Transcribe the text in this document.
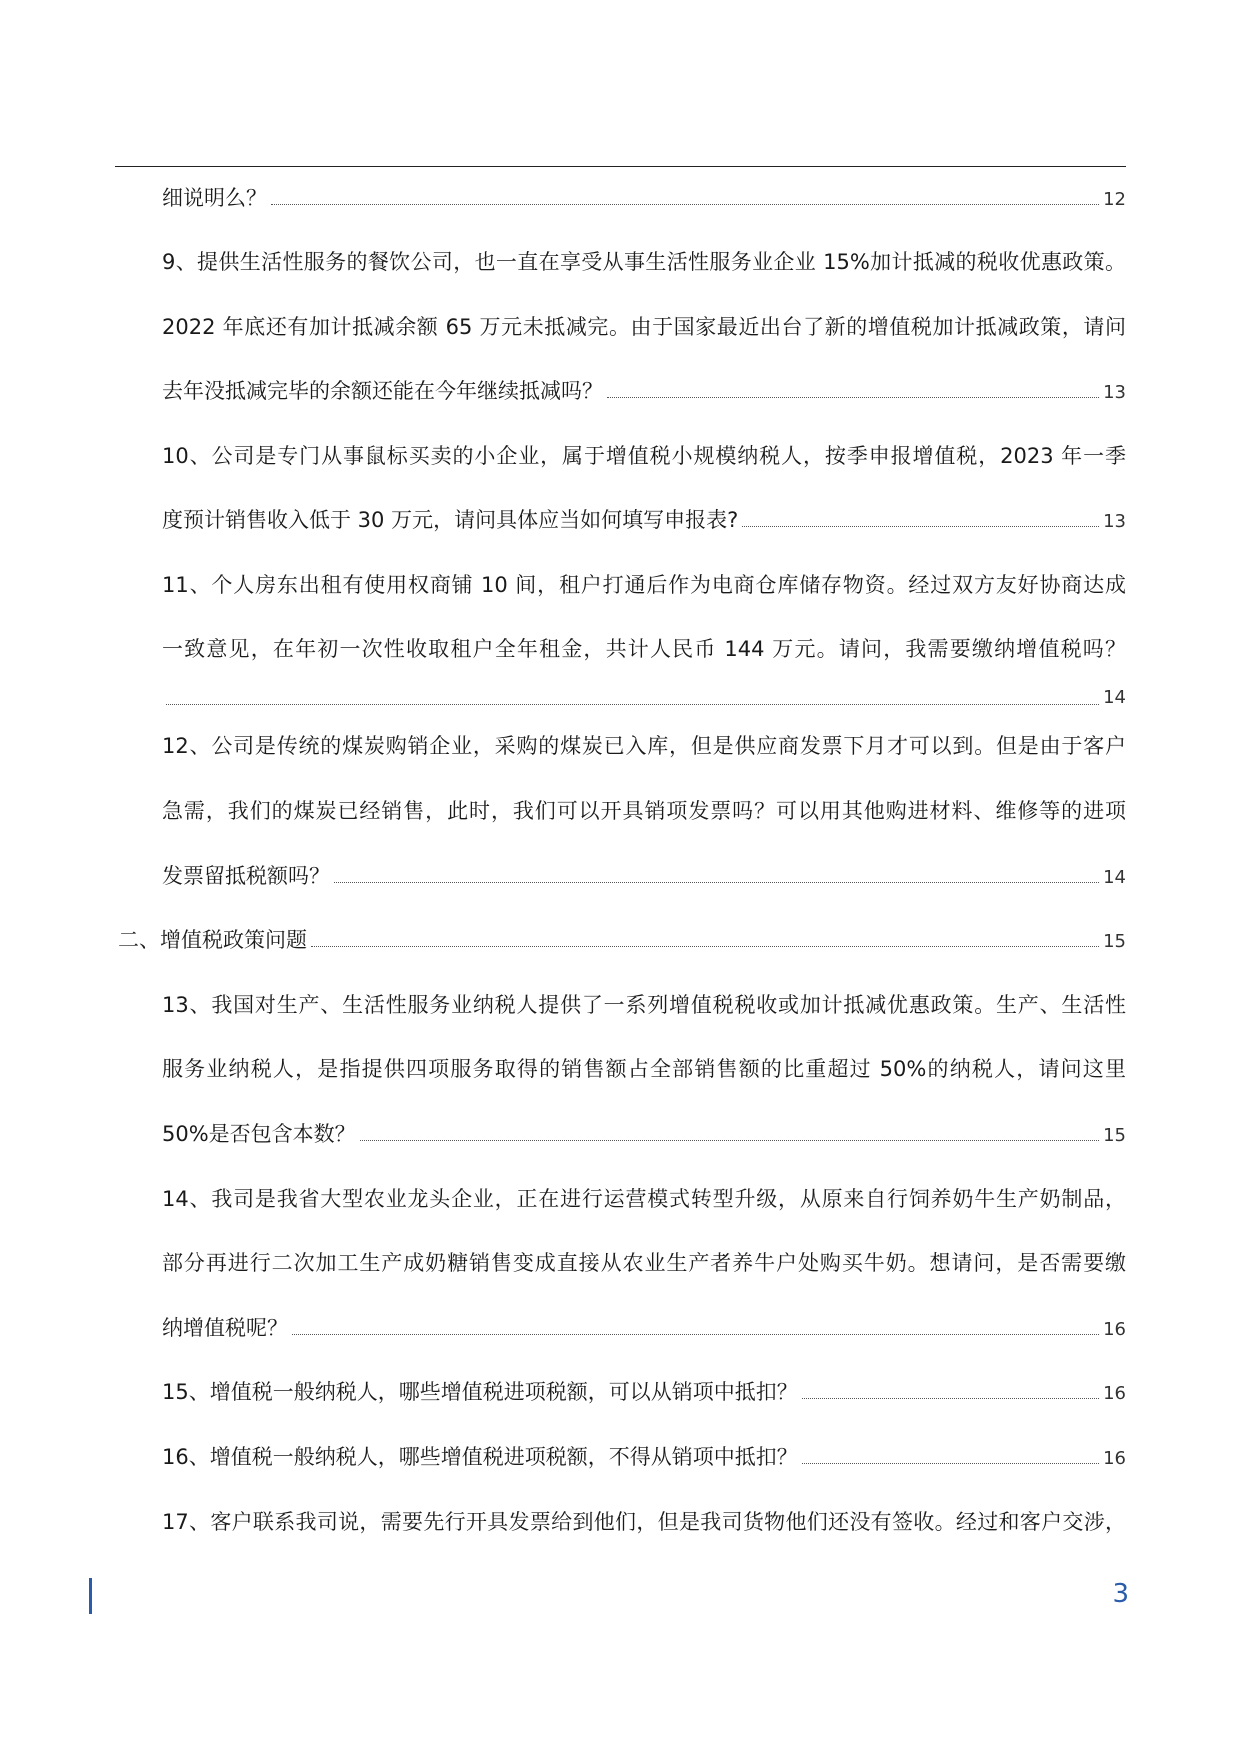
细说明么？	12
9、提供生活性服务的餐饮公司，也一直在享受从事生活性服务业企业 15%加计抵减的税收优惠政策。
2022 年底还有加计抵减余额 65 万元未抵减完。由于国家最近出台了新的增值税加计抵减政策，请问
去年没抵减完毕的余额还能在今年继续抵减吗？	13
10、公司是专门从事鼠标买卖的小企业，属于增值税小规模纳税人，按季申报增值税，2023 年一季
度预计销售收入低于 30 万元，请问具体应当如何填写申报表?	13
11、个人房东出租有使用权商铺 10 间，租户打通后作为电商仓库储存物资。经过双方友好协商达成
一致意见，在年初一次性收取租户全年租金，共计人民币 144 万元。请问，我需要缴纳增值税吗？
14
12、公司是传统的煤炭购销企业，采购的煤炭已入库，但是供应商发票下月才可以到。但是由于客户
急需，我们的煤炭已经销售，此时，我们可以开具销项发票吗？可以用其他购进材料、维修等的进项
发票留抵税额吗？	14
二、增值税政策问题	15
13、我国对生产、生活性服务业纳税人提供了一系列增值税税收或加计抵减优惠政策。生产、生活性
服务业纳税人，是指提供四项服务取得的销售额占全部销售额的比重超过 50%的纳税人，请问这里
50%是否包含本数？	15
14、我司是我省大型农业龙头企业，正在进行运营模式转型升级，从原来自行饲养奶牛生产奶制品，
部分再进行二次加工生产成奶糖销售变成直接从农业生产者养牛户处购买牛奶。想请问，是否需要缴
纳增值税呢？	16
15、增值税一般纳税人，哪些增值税进项税额，可以从销项中抵扣？	16
16、增值税一般纳税人，哪些增值税进项税额，不得从销项中抵扣？	16
17、客户联系我司说，需要先行开具发票给到他们，但是我司货物他们还没有签收。经过和客户交涉，
3
